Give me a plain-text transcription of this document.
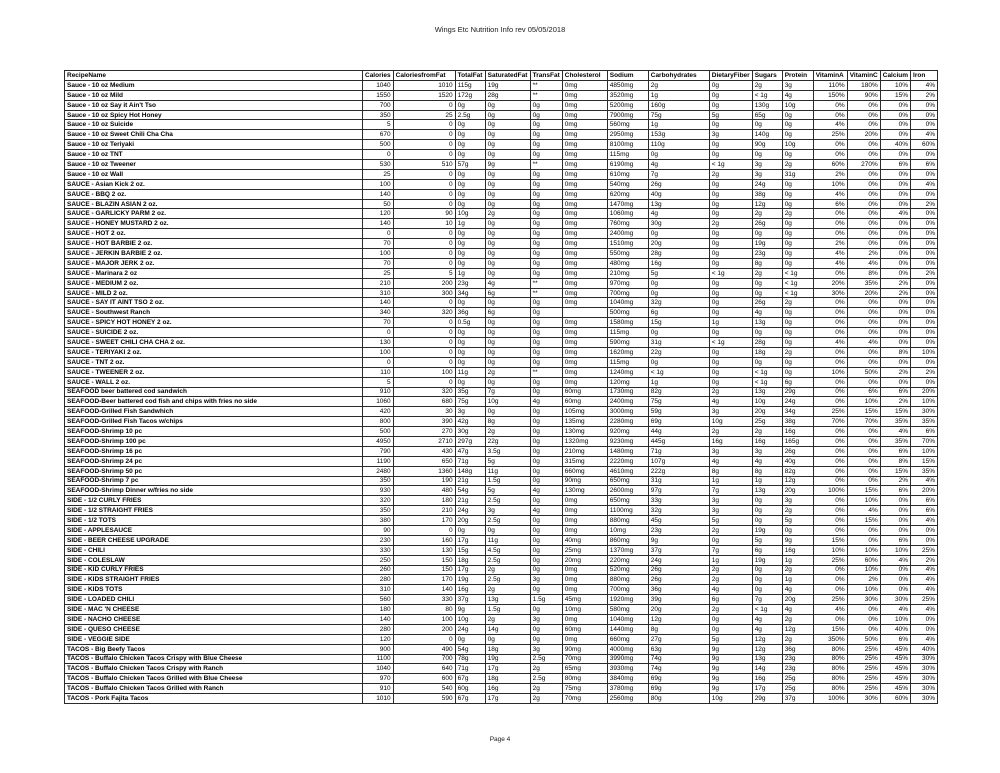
Wings Etc Nutrition Info rev 05/05/2018
RecipeName	Calories	CaloriesfromFat	TotalFat	SaturatedFat	TransFat	Cholesterol	Sodium	Carbohydrates	DietaryFiber	Sugars	Protein	VitaminA	VitaminC	Calcium	Iron
Sauce - 10 oz Medium	1040	1010	115g	19g	**	0mg	4850mg	2g	0g	2g	3g	110%	180%	10%	4%
Sauce - 10 oz Mild	1550	1520	172g	28g	**	0mg	3520mg	1g	0g	< 1g	4g	150%	90%	15%	2%
Sauce - 10 oz Say it Ain't Tso	700	0	0g	0g	0g	0mg	5200mg	160g	0g	130g	10g	0%	0%	0%	0%
Sauce - 10 oz Spicy Hot Honey	350	25	2.5g	0g	0g	0mg	7900mg	75g	5g	65g	0g	0%	0%	0%	0%
Sauce - 10 oz Suicide	5	0	0g	0g	0g	0mg	560mg	1g	0g	0g	0g	4%	0%	0%	0%
Sauce - 10 oz Sweet Chili Cha Cha	670	0	0g	0g	0g	0mg	2950mg	153g	3g	140g	0g	25%	20%	0%	4%
Sauce - 10 oz Teriyaki	500	0	0g	0g	0g	0mg	8100mg	110g	0g	90g	10g	0%	0%	40%	60%
Sauce - 10 oz TNT	0	0	0g	0g	0g	0mg	115mg	0g	0g	0g	0g	0%	0%	0%	0%
Sauce - 10 oz Tweener	530	510	57g	9g	**	0mg	6190mg	4g	< 1g	3g	2g	60%	270%	6%	6%
Sauce - 10 oz Wall	25	0	0g	0g	0g	0mg	610mg	7g	2g	3g	31g	2%	0%	0%	0%
SAUCE - Asian Kick 2 oz.	100	0	0g	0g	0g	0mg	540mg	26g	0g	24g	0g	10%	0%	0%	4%
SAUCE - BBQ 2 oz.	140	0	0g	0g	0g	0mg	620mg	40g	0g	38g	0g	4%	0%	0%	0%
SAUCE - BLAZIN ASIAN 2 oz.	50	0	0g	0g	0g	0mg	1470mg	13g	0g	12g	0g	6%	0%	0%	2%
SAUCE - GARLICKY PARM 2 oz.	120	90	10g	2g	0g	0mg	1060mg	4g	0g	2g	2g	0%	0%	4%	0%
SAUCE - HONEY MUSTARD 2 oz.	140	10	1g	0g	0g	0mg	760mg	30g	2g	26g	0g	0%	0%	0%	0%
SAUCE - HOT 2 oz.	0	0	0g	0g	0g	0mg	2400mg	0g	0g	0g	0g	0%	0%	0%	0%
SAUCE - HOT BARBIE 2 oz.	70	0	0g	0g	0g	0mg	1510mg	20g	0g	19g	0g	2%	0%	0%	0%
SAUCE - JERKIN BARBIE 2 oz.	100	0	0g	0g	0g	0mg	550mg	28g	0g	23g	0g	4%	2%	0%	0%
SAUCE - MAJOR JERK 2 oz.	70	0	0g	0g	0g	0mg	480mg	16g	0g	8g	0g	4%	4%	0%	0%
SAUCE - Marinara 2 oz	25	5	1g	0g	0g	0mg	210mg	5g	< 1g	2g	< 1g	0%	8%	0%	2%
SAUCE - MEDIUM 2 oz.	210	200	23g	4g	**	0mg	970mg	0g	0g	0g	< 1g	20%	35%	2%	0%
SAUCE - MILD 2 oz.	310	300	34g	6g	**	0mg	700mg	0g	0g	0g	< 1g	30%	20%	2%	0%
SAUCE - SAY IT AINT TSO 2 oz.	140	0	0g	0g	0g	0mg	1040mg	32g	0g	26g	2g	0%	0%	0%	0%
SAUCE - Southwest Ranch	340	320	36g	6g	0g		500mg	6g	0g	4g	0g	0%	0%	0%	0%
SAUCE - SPICY HOT HONEY 2 oz.	70	0	0.5g	0g	0g	0mg	1580mg	15g	1g	13g	0g	0%	0%	0%	0%
SAUCE - SUICIDE 2 oz.	0	0	0g	0g	0g	0mg	115mg	0g	0g	0g	0g	0%	0%	0%	0%
SAUCE - SWEET CHILI CHA CHA 2 oz.	130	0	0g	0g	0g	0mg	590mg	31g	< 1g	28g	0g	4%	4%	0%	0%
SAUCE - TERIYAKI 2 oz.	100	0	0g	0g	0g	0mg	1620mg	22g	0g	18g	2g	0%	0%	8%	10%
SAUCE - TNT 2 oz.	0	0	0g	0g	0g	0mg	115mg	0g	0g	0g	0g	0%	0%	0%	0%
SAUCE - TWEENER 2 oz.	110	100	11g	2g	**	0mg	1240mg	< 1g	0g	< 1g	0g	10%	50%	2%	2%
SAUCE - WALL 2 oz.	5	0	0g	0g	0g	0mg	120mg	1g	0g	< 1g	6g	0%	0%	0%	0%
SEAFOOD beer battered cod sandwich	910	320	35g	7g	0g	60mg	1730mg	82g	2g	13g	29g	0%	6%	6%	20%
SEAFOOD-Beer battered cod fish and chips with fries no side	1060	680	75g	10g	4g	60mg	2400mg	75g	4g	10g	24g	0%	10%	2%	10%
SEAFOOD-Grilled Fish Sandwhich	420	30	3g	0g	0g	105mg	3000mg	59g	3g	20g	34g	25%	15%	15%	30%
SEAFOOD-Grilled Fish Tacos w/chips	800	390	42g	8g	0g	135mg	2280mg	69g	10g	25g	38g	70%	70%	35%	35%
SEAFOOD-Shrimp 10 pc	500	270	30g	2g	0g	130mg	920mg	44g	2g	2g	16g	0%	0%	4%	6%
SEAFOOD-Shrimp 100 pc	4950	2710	297g	22g	0g	1320mg	9230mg	445g	16g	16g	165g	0%	0%	35%	70%
SEAFOOD-Shrimp 16 pc	790	430	47g	3.5g	0g	210mg	1480mg	71g	3g	3g	26g	0%	0%	6%	10%
SEAFOOD-Shrimp 24 pc	1190	650	71g	5g	0g	315mg	2220mg	107g	4g	4g	40g	0%	0%	8%	15%
SEAFOOD-Shrimp 50 pc	2480	1360	148g	11g	0g	660mg	4610mg	222g	8g	8g	82g	0%	0%	15%	35%
SEAFOOD-Shrimp 7 pc	350	190	21g	1.5g	0g	90mg	650mg	31g	1g	1g	12g	0%	0%	2%	4%
SEAFOOD-Shrimp Dinner w/fries no side	930	480	54g	5g	4g	130mg	2600mg	97g	7g	13g	20g	100%	15%	6%	20%
SIDE - 1/2 CURLY FRIES	320	180	21g	2.5g	0g	0mg	650mg	33g	3g	0g	3g	0%	10%	0%	6%
SIDE - 1/2 STRAIGHT FRIES	350	210	24g	3g	4g	0mg	1100mg	32g	3g	0g	2g	0%	4%	0%	6%
SIDE - 1/2 TOTS	380	170	20g	2.5g	0g	0mg	880mg	45g	5g	0g	5g	0%	15%	0%	4%
SIDE - APPLESAUCE	90	0	0g	0g	0g	0mg	10mg	23g	2g	19g	0g	0%	0%	0%	0%
SIDE - BEER CHEESE UPGRADE	230	160	17g	11g	0g	40mg	860mg	9g	0g	5g	9g	15%	0%	6%	0%
SIDE - CHILI	330	130	15g	4.5g	0g	25mg	1370mg	37g	7g	6g	16g	10%	10%	10%	25%
SIDE - COLESLAW	250	150	18g	2.5g	0g	20mg	220mg	24g	1g	19g	1g	25%	60%	4%	2%
SIDE - KID CURLY FRIES	260	150	17g	2g	0g	0mg	520mg	26g	2g	0g	2g	0%	10%	0%	4%
SIDE - KIDS STRAIGHT FRIES	280	170	19g	2.5g	3g	0mg	880mg	26g	2g	0g	1g	0%	2%	0%	4%
SIDE - KIDS TOTS	310	140	16g	2g	0g	0mg	700mg	36g	4g	0g	4g	0%	10%	0%	4%
SIDE - LOADED CHILI	560	330	37g	13g	1.5g	45mg	1920mg	39g	6g	7g	20g	25%	30%	30%	25%
SIDE - MAC 'N CHEESE	180	80	9g	1.5g	0g	10mg	580mg	20g	2g	< 1g	4g	4%	0%	4%	4%
SIDE - NACHO CHEESE	140	100	10g	2g	3g	0mg	1040mg	12g	0g	4g	2g	0%	0%	10%	0%
SIDE - QUESO CHEESE	280	200	24g	14g	0g	60mg	1440mg	8g	0g	4g	12g	15%	0%	40%	0%
SIDE - VEGGIE SIDE	120	0	0g	0g	0g	0mg	660mg	27g	5g	12g	2g	350%	50%	6%	4%
TACOS - Big Beefy Tacos	900	490	54g	18g	3g	90mg	4000mg	63g	9g	12g	36g	80%	25%	45%	40%
TACOS - Buffalo Chicken Tacos Crispy with Blue Cheese	1100	700	78g	19g	2.5g	70mg	3990mg	74g	9g	13g	23g	80%	25%	45%	30%
TACOS - Buffalo Chicken Tacos Crispy with Ranch	1040	640	71g	17g	2g	65mg	3930mg	74g	9g	14g	23g	80%	25%	45%	30%
TACOS - Buffalo Chicken Tacos Grilled with Blue Cheese	970	600	67g	18g	2.5g	80mg	3840mg	69g	9g	16g	25g	80%	25%	45%	30%
TACOS - Buffalo Chicken Tacos Grilled with Ranch	910	540	60g	16g	2g	75mg	3780mg	69g	9g	17g	25g	80%	25%	45%	30%
TACOS - Pork Fajita Tacos	1010	590	67g	17g	2g	70mg	2560mg	80g	10g	29g	37g	100%	30%	60%	30%
Page 4
